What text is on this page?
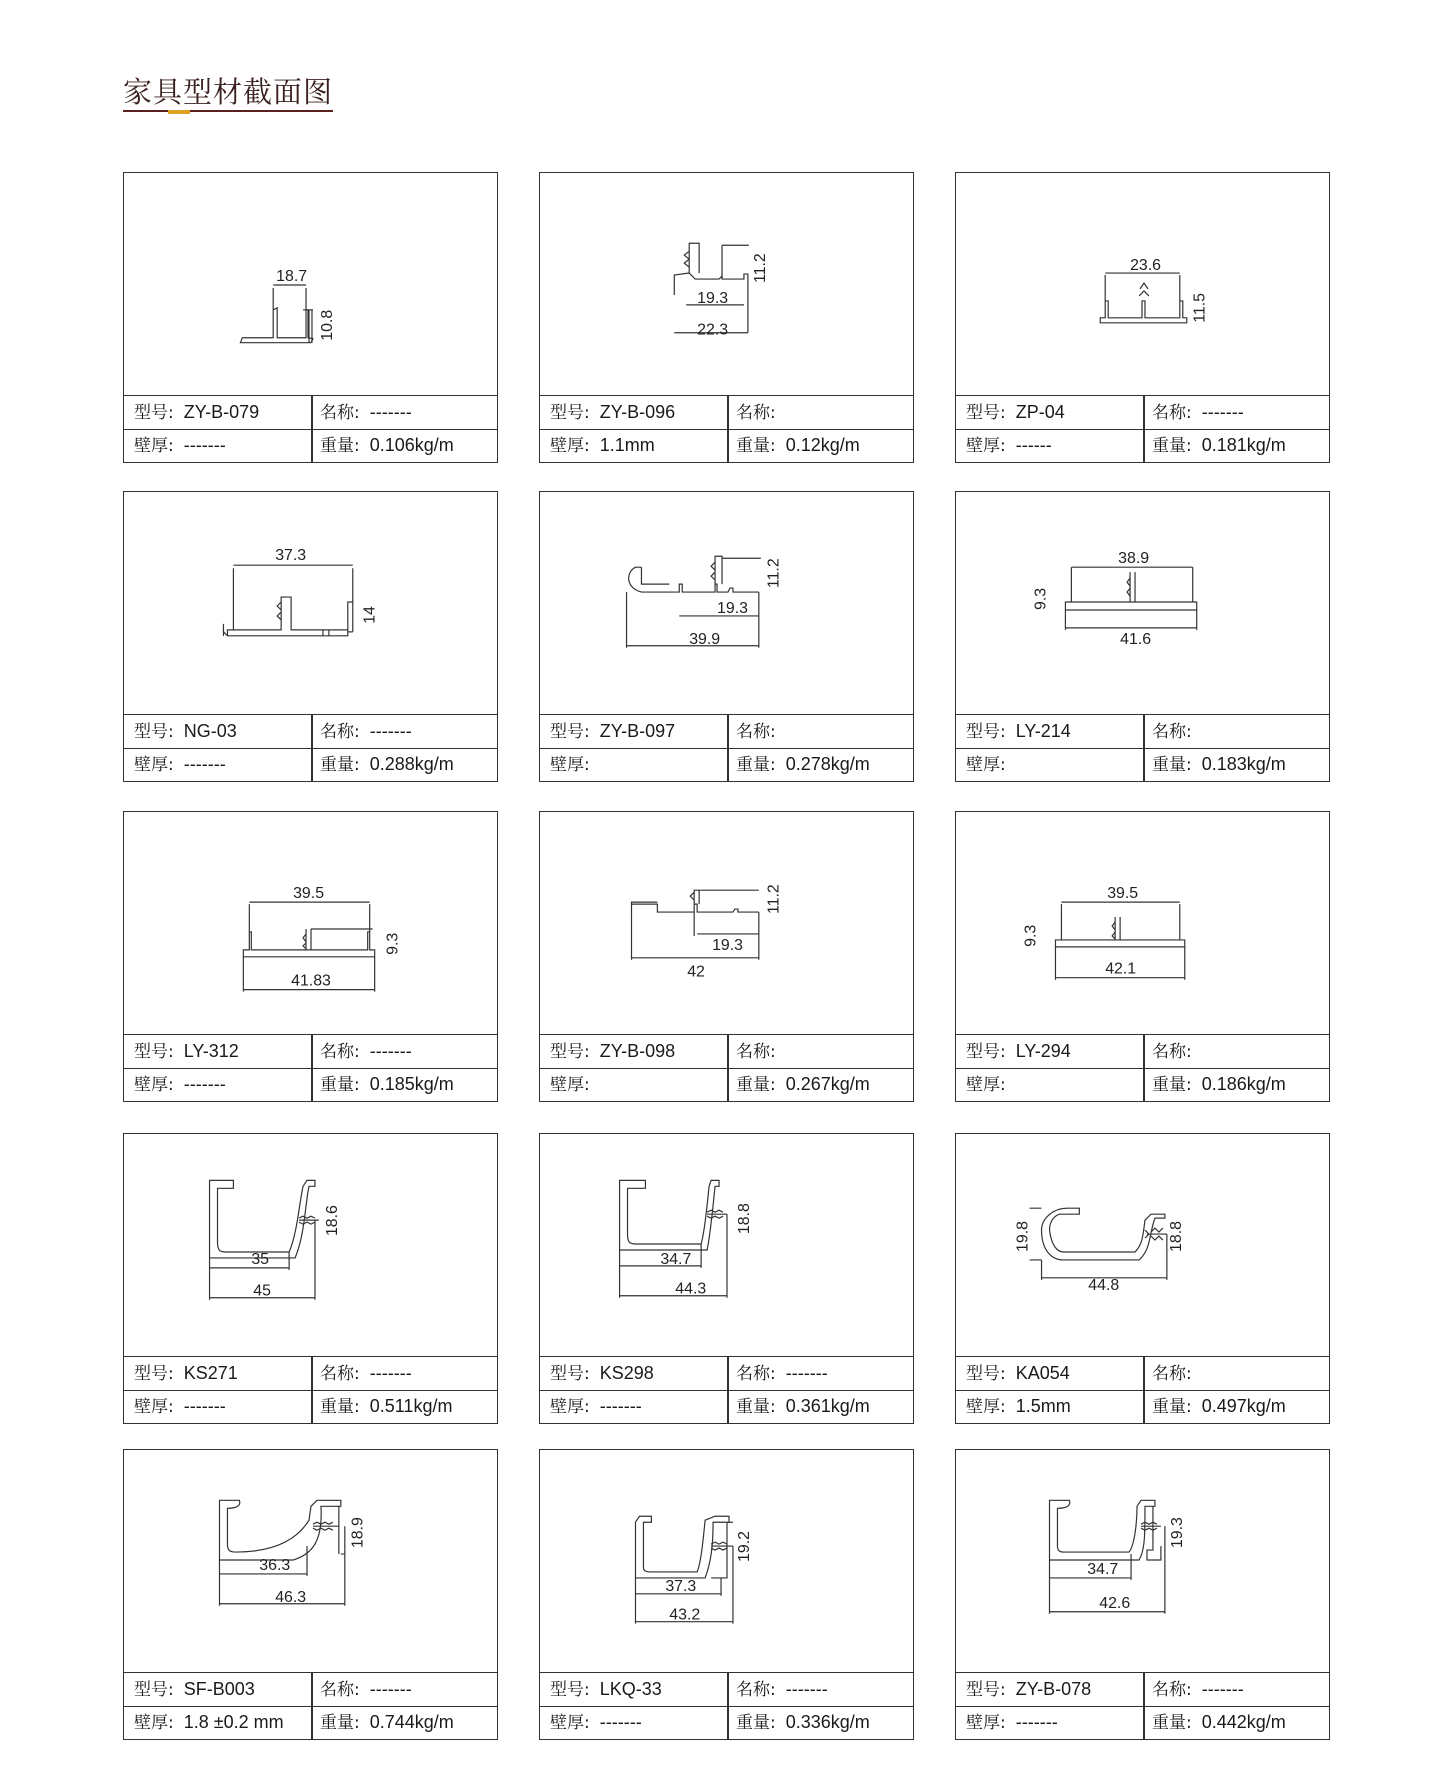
家具型材截面图
18.7
10.8
型号: ZY-B-079	名称: -------
壁厚: -------	重量: 0.106kg/m
11.2
19.3
22.3
型号: ZY-B-096	名称:
壁厚: 1.1mm	重量: 0.12kg/m
23.6
11.5
型号: ZP-04	名称: -------
壁厚: ------	重量: 0.181kg/m
37.3
14
型号: NG-03	名称: -------
壁厚: -------	重量: 0.288kg/m
11.2
19.3
39.9
型号: ZY-B-097	名称:
壁厚:	重量: 0.278kg/m
38.9
9.3
41.6
型号: LY-214	名称:
壁厚:	重量: 0.183kg/m
39.5
9.3
41.83
型号: LY-312	名称: -------
壁厚: -------	重量: 0.185kg/m
11.2
19.3
42
型号: ZY-B-098	名称:
壁厚:	重量: 0.267kg/m
39.5
9.3
42.1
型号: LY-294	名称:
壁厚:	重量: 0.186kg/m
18.6
35
45
型号: KS271	名称: -------
壁厚: -------	重量: 0.511kg/m
18.8
34.7
44.3
型号: KS298	名称: -------
壁厚: -------	重量: 0.361kg/m
19.8	18.8
44.8
型号: KA054	名称:
壁厚: 1.5mm	重量: 0.497kg/m
18.9
36.3
46.3
型号: SF-B003	名称: -------
壁厚: 1.8 ±0.2 mm	重量: 0.744kg/m
19.2
37.3
43.2
型号: LKQ-33	名称: -------
壁厚: -------	重量: 0.336kg/m
19.3
34.7
42.6
型号: ZY-B-078	名称: -------
壁厚: -------	重量: 0.442kg/m
